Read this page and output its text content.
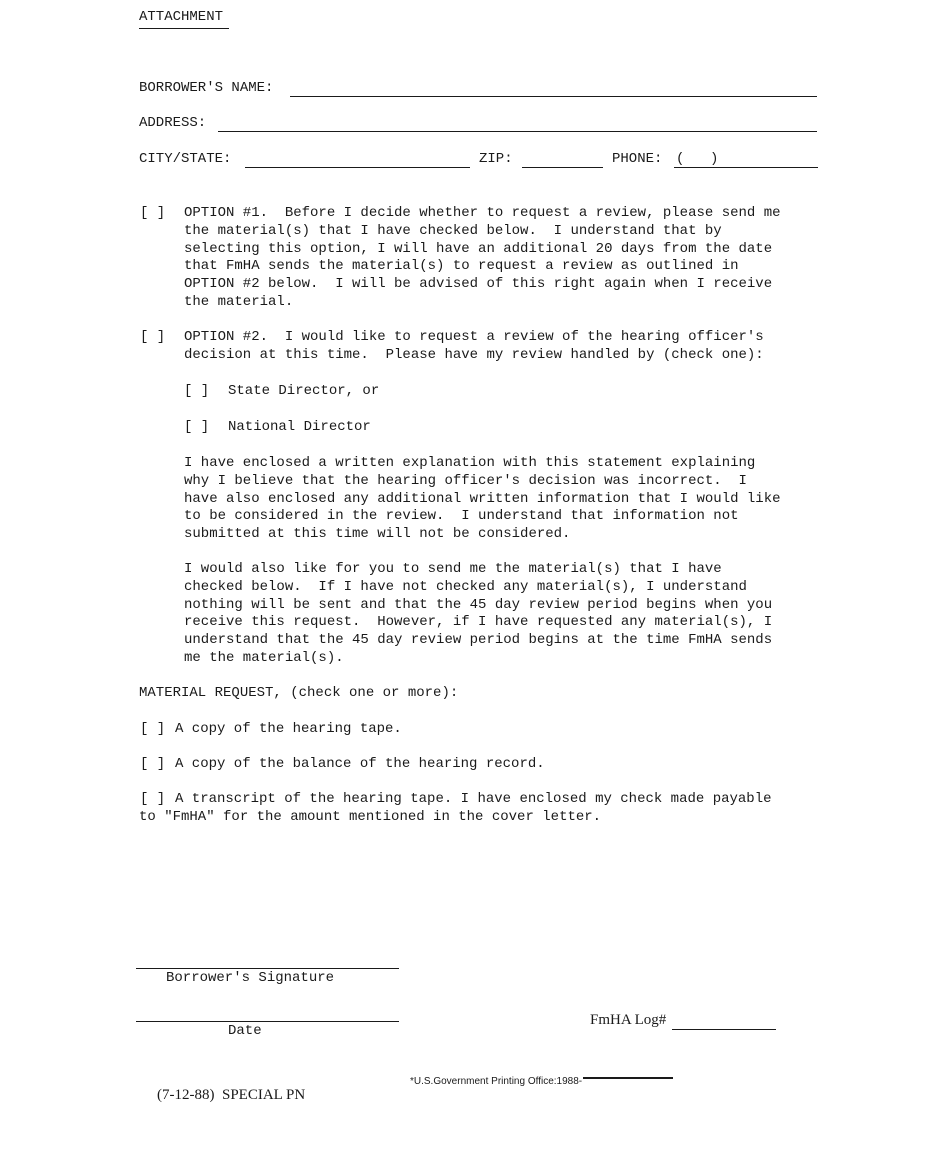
ATTACHMENT
BORROWER'S NAME:
ADDRESS:
CITY/STATE:	ZIP:	PHONE: ( )
[ ] OPTION #1.  Before I decide whether to request a review, please send me
the material(s) that I have checked below.  I understand that by
selecting this option, I will have an additional 20 days from the date
that FmHA sends the material(s) to request a review as outlined in
OPTION #2 below.  I will be advised of this right again when I receive
the material.
[ ] OPTION #2.  I would like to request a review of the hearing officer's
decision at this time.  Please have my review handled by (check one):
[ ] State Director, or
[ ] National Director
I have enclosed a written explanation with this statement explaining
why I believe that the hearing officer's decision was incorrect.  I
have also enclosed any additional written information that I would like
to be considered in the review.  I understand that information not
submitted at this time will not be considered.
I would also like for you to send me the material(s) that I have
checked below.  If I have not checked any material(s), I understand
nothing will be sent and that the 45 day review period begins when you
receive this request.  However, if I have requested any material(s), I
understand that the 45 day review period begins at the time FmHA sends
me the material(s).
MATERIAL REQUEST, (check one or more):
[ ] A copy of the hearing tape.
[ ] A copy of the balance of the hearing record.
[ ] A transcript of the hearing tape. I have enclosed my check made payable
to "FmHA" for the amount mentioned in the cover letter.
Borrower's Signature
Date
FmHA Log#
*U.S.Government Printing Office:1988-
(7-12-88)  SPECIAL PN
